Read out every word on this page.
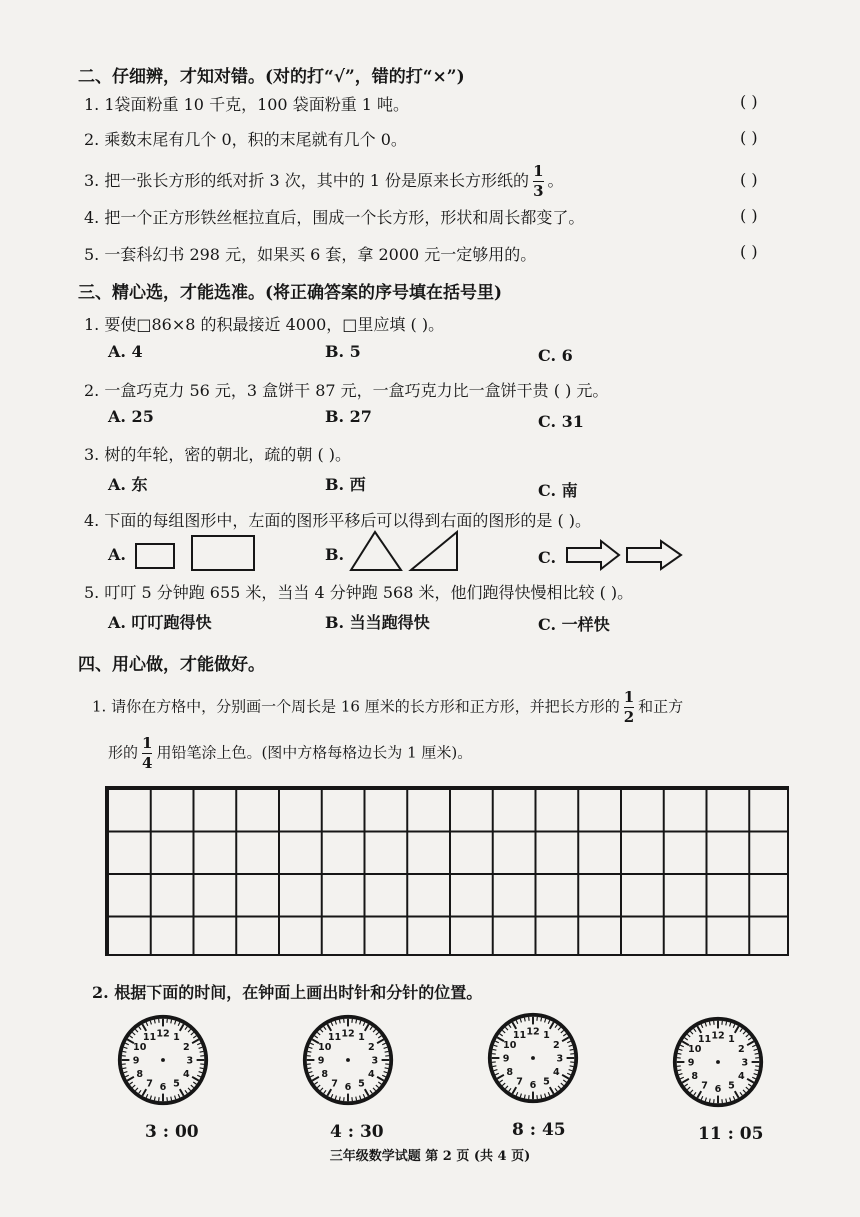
二、仔细辨，才知对错。(对的打“√”，错的打“×”)
1. 1袋面粉重 10 千克，100 袋面粉重 1 吨。	( )
2. 乘数末尾有几个 0，积的末尾就有几个 0。	( )
3. 把一张长方形的纸对折 3 次，其中的 1 份是原来长方形纸的 $\frac{1}{3}$ 。	( )
4. 把一个正方形铁丝框拉直后，围成一个长方形，形状和周长都变了。	( )
5. 一套科幻书 298 元，如果买 6 套，拿 2000 元一定够用的。	( )
三、精心选，才能选准。(将正确答案的序号填在括号里)
1. 要使□86×8 的积最接近 4000，□里应填 ( )。
A. 4	B. 5	C. 6
2. 一盒巧克力 56 元，3 盒饼干 87 元，一盒巧克力比一盒饼干贵 ( ) 元。
A. 25	B. 27	C. 31
3. 树的年轮，密的朝北，疏的朝 ( )。
A. 东	B. 西	C. 南
4. 下面的每组图形中，左面的图形平移后可以得到右面的图形的是 ( )。
A.	B.	C.
5. 叮叮 5 分钟跑 655 米，当当 4 分钟跑 568 米，他们跑得快慢相比较 ( )。
A. 叮叮跑得快	B. 当当跑得快	C. 一样快
四、用心做，才能做好。
1. 请你在方格中，分别画一个周长是 16 厘米的长方形和正方形，并把长方形的 $\frac{1}{2}$ 和正方
形的 $\frac{1}{4}$ 用铅笔涂上色。(图中方格每格边长为 1 厘米)。
2. 根据下面的时间，在钟面上画出时针和分针的位置。
12 1
2
3
4
5
6
7
8
9
10
11	12 1
2
3
4
5
6
7
8
9
10
11
12 1
2
3
4
5
6
7
8
9
10
11	12 1
2
3
4
5
6
7
8
9
10
11
3 : 00	4 : 30	8 : 45	11 : 05
三年级数学试题 第 2 页 (共 4 页)
